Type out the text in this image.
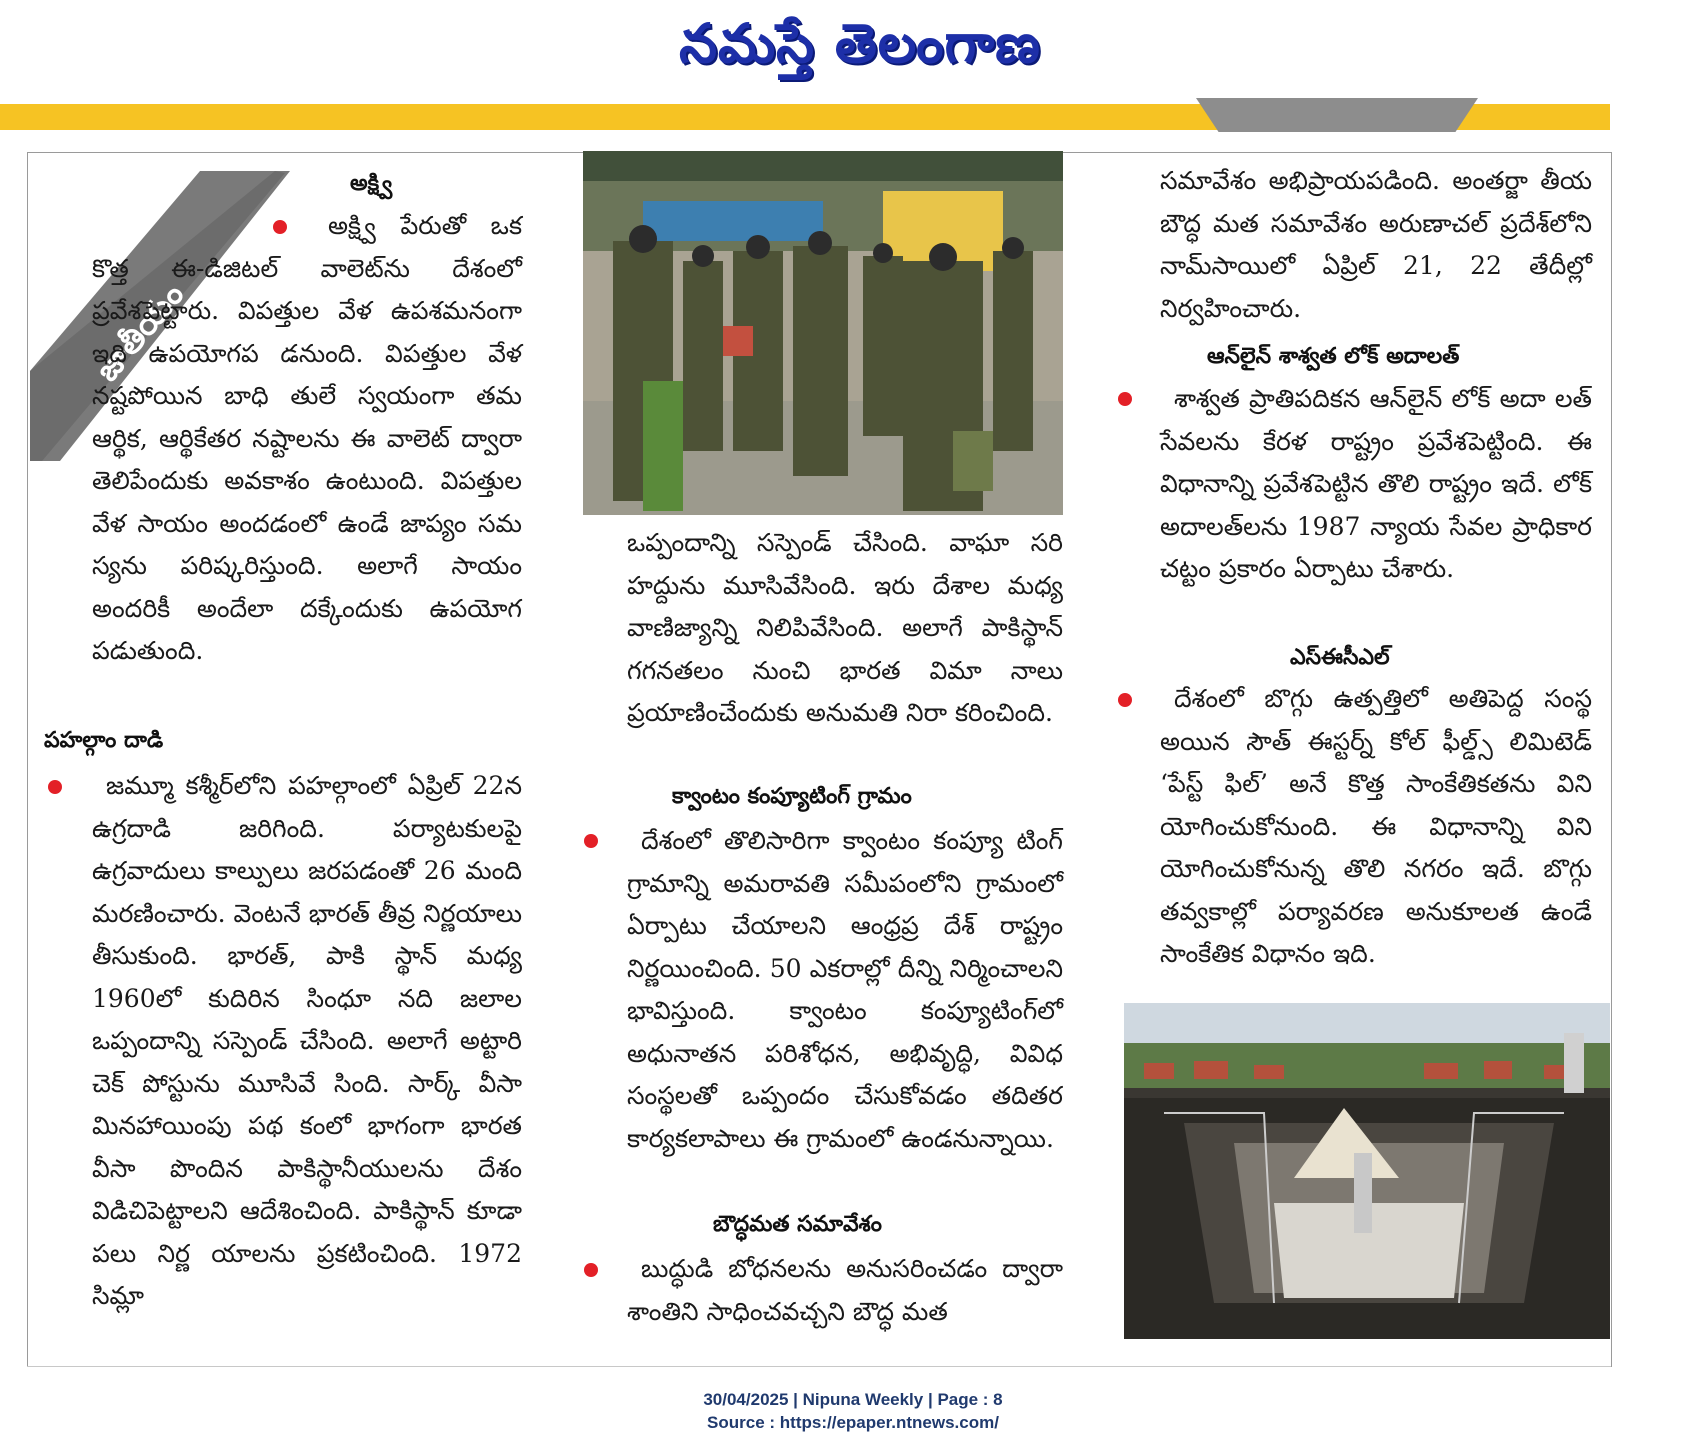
నమస్తే తెలంగాణ
జాతీయం
అక్ష్వి

అక్ష్వి పేరుతో ఒక కొత్త ఈ-డిజిటల్ వాలెట్‌ను దేశంలో ప్రవేశపెట్టారు. విపత్తుల వేళ ఉపశమనంగా ఇది ఉపయోగప డనుంది. విపత్తుల వేళ నష్టపోయిన బాధి తులే స్వయంగా తమ ఆర్థిక, ఆర్థికేతర నష్టాలను ఈ వాలెట్ ద్వారా తెలిపేందుకు అవకాశం ఉంటుంది. విపత్తుల వేళ సాయం అందడంలో ఉండే జాప్యం సమ స్యను పరిష్కరిస్తుంది. అలాగే సాయం అందరికీ అందేలా దక్కేందుకు ఉపయోగ పడుతుంది.

పహల్గాం దాడి

జమ్మూ కశ్మీర్‌లోని పహల్గాంలో ఏప్రిల్ 22న ఉగ్రదాడి జరిగింది. పర్యాటకులపై ఉగ్రవాదులు కాల్పులు జరపడంతో 26 మంది మరణించారు. వెంటనే భారత్ తీవ్ర నిర్ణయాలు తీసుకుంది. భారత్, పాకి స్థాన్ మధ్య 1960లో కుదిరిన సింధూ నది జలాల ఒప్పందాన్ని సస్పెండ్ చేసింది. అలాగే అట్టారి చెక్ పోస్టును మూసివే సింది. సార్క్ వీసా మినహాయింపు పథ కంలో భాగంగా భారత వీసా పొందిన పాకిస్థానీయులను దేశం విడిచిపెట్టాలని ఆదేశించింది. పాకిస్థాన్ కూడా పలు నిర్ణ యాలను ప్రకటించింది. 1972 సిమ్లా

ఒప్పందాన్ని సస్పెండ్ చేసింది. వాఘా సరి హద్దును మూసివేసింది. ఇరు దేశాల మధ్య వాణిజ్యాన్ని నిలిపివేసింది. అలాగే పాకిస్థాన్ గగనతలం నుంచి భారత విమా నాలు ప్రయాణించేందుకు అనుమతి నిరా కరించింది.

క్వాంటం కంప్యూటింగ్ గ్రామం

దేశంలో తొలిసారిగా క్వాంటం కంప్యూ టింగ్ గ్రామాన్ని అమరావతి సమీపంలోని గ్రామంలో ఏర్పాటు చేయాలని ఆంధ్రప్ర దేశ్ రాష్ట్రం నిర్ణయించింది. 50 ఎకరాల్లో దీన్ని నిర్మించాలని భావిస్తుంది. క్వాంటం కంప్యూటింగ్‌లో అధునాతన పరిశోధన, అభివృద్ధి, వివిధ సంస్థలతో ఒప్పందం చేసుకోవడం తదితర కార్యకలాపాలు ఈ గ్రామంలో ఉండనున్నాయి.

బౌద్ధమత సమావేశం

బుద్ధుడి బోధనలను అనుసరించడం ద్వారా శాంతిని సాధించవచ్చని బౌద్ధ మత

సమావేశం అభిప్రాయపడింది. అంతర్జా తీయ బౌద్ధ మత సమావేశం అరుణాచల్ ప్రదేశ్‌లోని నామ్‌సాయిలో ఏప్రిల్ 21, 22 తేదీల్లో నిర్వహించారు.

ఆన్‌లైన్ శాశ్వత లోక్ అదాలత్

శాశ్వత ప్రాతిపదికన ఆన్‌లైన్ లోక్ అదా లత్ సేవలను కేరళ రాష్ట్రం ప్రవేశపెట్టింది. ఈ విధానాన్ని ప్రవేశపెట్టిన తొలి రాష్ట్రం ఇదే. లోక్ అదాలత్‌లను 1987 న్యాయ సేవల ప్రాధికార చట్టం ప్రకారం ఏర్పాటు చేశారు.

ఎస్ఈసీఎల్

దేశంలో బొగ్గు ఉత్పత్తిలో అతిపెద్ద సంస్థ అయిన సౌత్ ఈస్టర్న్ కోల్ ఫీల్డ్స్ లిమిటెడ్ ‘పేస్ట్ ఫిల్’ అనే కొత్త సాంకేతికతను విని యోగించుకోనుంది. ఈ విధానాన్ని విని యోగించుకోనున్న తొలి నగరం ఇదే. బొగ్గు తవ్వకాల్లో పర్యావరణ అనుకూలత ఉండే సాంకేతిక విధానం ఇది.

30/04/2025 | Nipuna Weekly | Page : 8
Source : https://epaper.ntnews.com/
